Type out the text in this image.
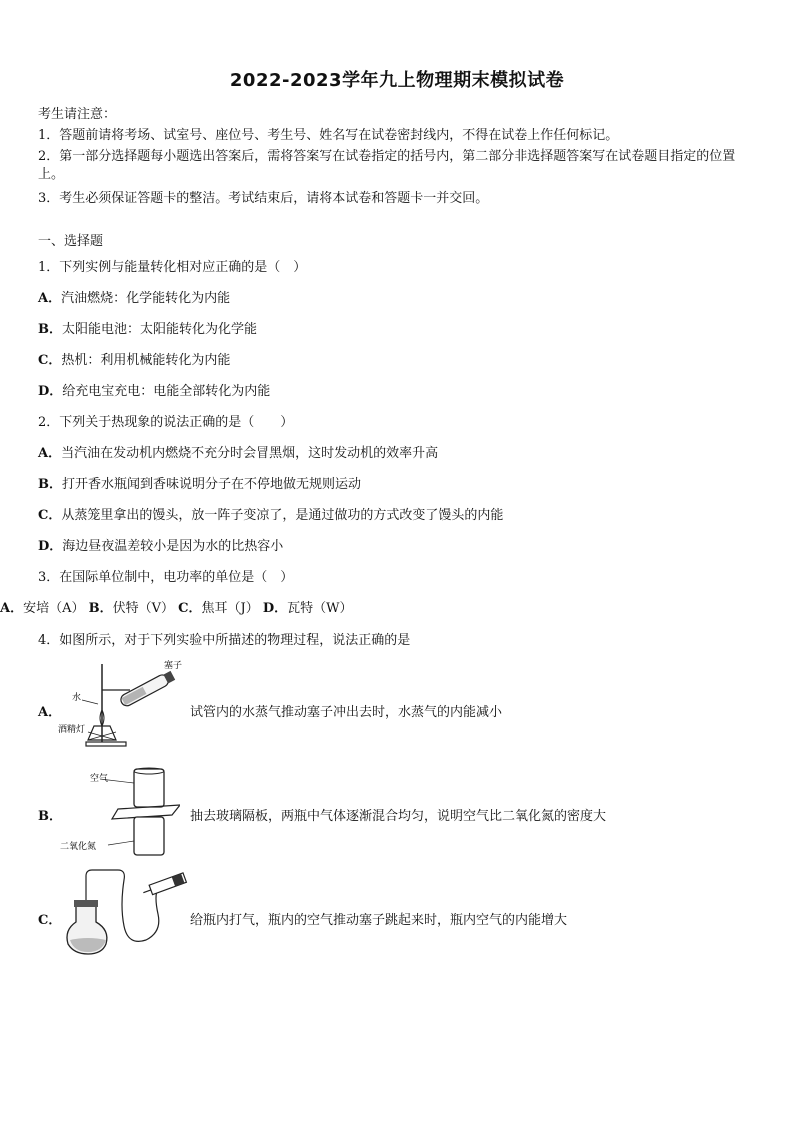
2022-2023学年九上物理期末模拟试卷
考生请注意：
1．答题前请将考场、试室号、座位号、考生号、姓名写在试卷密封线内，不得在试卷上作任何标记。
2．第一部分选择题每小题选出答案后，需将答案写在试卷指定的括号内，第二部分非选择题答案写在试卷题目指定的位置上。
3．考生必须保证答题卡的整洁。考试结束后，请将本试卷和答题卡一并交回。
一、选择题
1．下列实例与能量转化相对应正确的是（　）
A．汽油燃烧：化学能转化为内能
B．太阳能电池：太阳能转化为化学能
C．热机：利用机械能转化为内能
D．给充电宝充电：电能全部转化为内能
2．下列关于热现象的说法正确的是（　　）
A．当汽油在发动机内燃烧不充分时会冒黑烟，这时发动机的效率升高
B．打开香水瓶闻到香味说明分子在不停地做无规则运动
C．从蒸笼里拿出的馒头，放一阵子变凉了，是通过做功的方式改变了馒头的内能
D．海边昼夜温差较小是因为水的比热容小
3．在国际单位制中，电功率的单位是（　）
A．安培（A） B．伏特（V） C．焦耳（J） D．瓦特（W）
4．如图所示，对于下列实验中所描述的物理过程，说法正确的是
A．
水
酒精灯
塞子
试管内的水蒸气推动塞子冲出去时，水蒸气的内能减小
B．
空气
二氧化氮
抽去玻璃隔板，两瓶中气体逐渐混合均匀，说明空气比二氧化氮的密度大
C．	给瓶内打气，瓶内的空气推动塞子跳起来时，瓶内空气的内能增大
